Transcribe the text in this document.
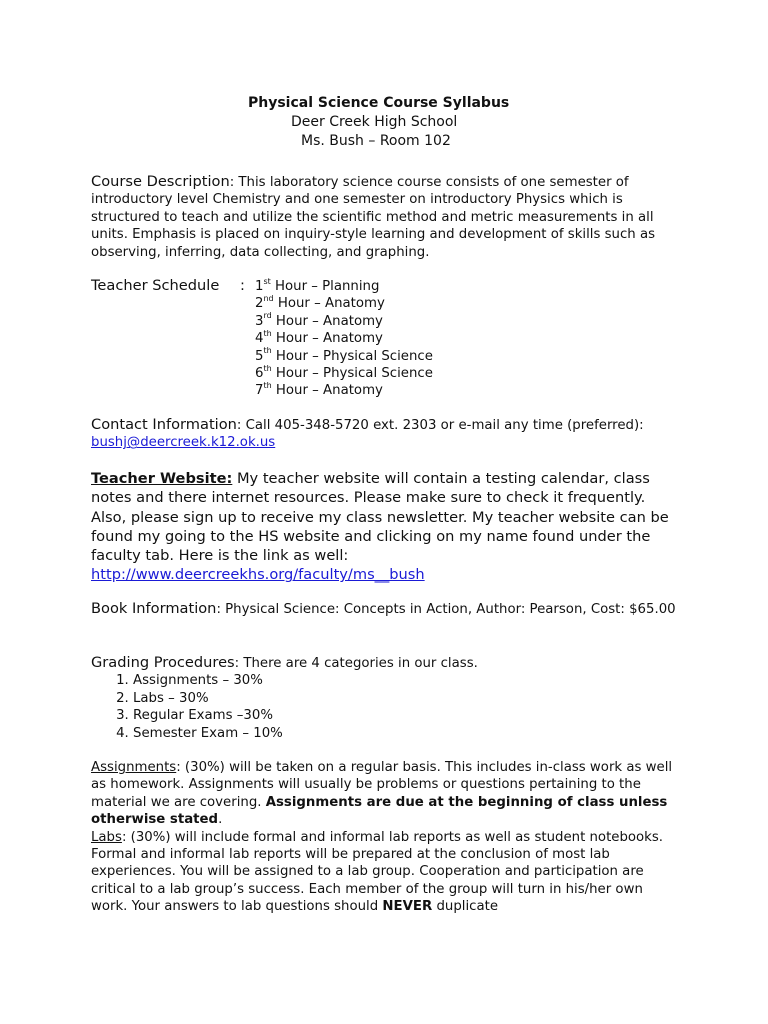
Physical Science Course Syllabus
Deer Creek High School
Ms. Bush – Room 102
Course Description: This laboratory science course consists of one semester of introductory level Chemistry and one semester on introductory Physics which is structured to teach and utilize the scientific method and metric measurements in all units. Emphasis is placed on inquiry-style learning and development of skills such as observing, inferring, data collecting, and graphing.
Teacher Schedule : 1st Hour – Planning
2nd Hour – Anatomy
3rd Hour – Anatomy
4th Hour – Anatomy
5th Hour – Physical Science
6th Hour – Physical Science
7th Hour – Anatomy
Contact Information: Call 405-348-5720 ext. 2303 or e-mail any time (preferred): bushj@deercreek.k12.ok.us
Teacher Website: My teacher website will contain a testing calendar, class notes and there internet resources. Please make sure to check it frequently. Also, please sign up to receive my class newsletter. My teacher website can be found my going to the HS website and clicking on my name found under the faculty tab. Here is the link as well:
http://www.deercreekhs.org/faculty/ms__bush
Book Information: Physical Science: Concepts in Action, Author: Pearson, Cost: $65.00
Grading Procedures: There are 4 categories in our class.
1. Assignments – 30%
2. Labs – 30%
3. Regular Exams –30%
4. Semester Exam – 10%
Assignments: (30%) will be taken on a regular basis. This includes in-class work as well as homework. Assignments will usually be problems or questions pertaining to the material we are covering. Assignments are due at the beginning of class unless otherwise stated.
Labs: (30%) will include formal and informal lab reports as well as student notebooks. Formal and informal lab reports will be prepared at the conclusion of most lab experiences. You will be assigned to a lab group. Cooperation and participation are critical to a lab group’s success. Each member of the group will turn in his/her own work. Your answers to lab questions should NEVER duplicate
